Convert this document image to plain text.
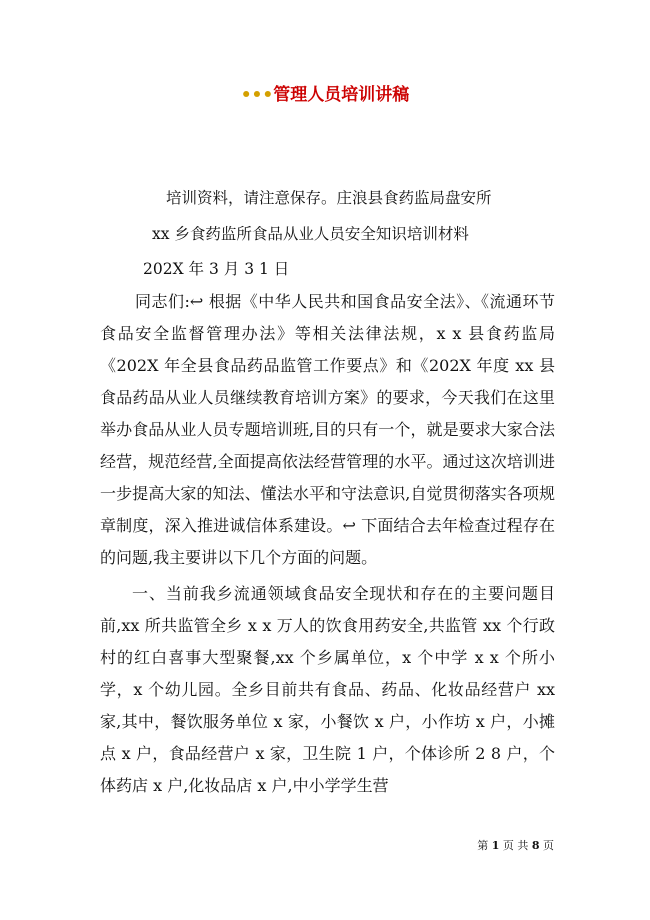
•••管理人员培训讲稿
培训资料，请注意保存。庄浪县食药监局盘安所
xx 乡食药监所食品从业人员安全知识培训材料
202X 年 3 月 3 1 日

同志们:↩ 根据《中华人民共和国食品安全法》、《流通环节食品安全监督管理办法》等相关法律法规，x x 县食药监局《202X 年全县食品药品监管工作要点》和《202X 年度 xx 县食品药品从业人员继续教育培训方案》的要求，今天我们在这里举办食品从业人员专题培训班,目的只有一个，就是要求大家合法经营，规范经营,全面提高依法经营管理的水平。通过这次培训进一步提高大家的知法、懂法水平和守法意识,自觉贯彻落实各项规章制度，深入推进诚信体系建设。↩ 下面结合去年检查过程存在的问题,我主要讲以下几个方面的问题。

一、当前我乡流通领域食品安全现状和存在的主要问题目前,xx 所共监管全乡 x x 万人的饮食用药安全,共监管 xx 个行政村的红白喜事大型聚餐,xx 个乡属单位，x 个中学 x x 个所小学，x 个幼儿园。全乡目前共有食品、药品、化妆品经营户 xx 家,其中，餐饮服务单位 x 家，小餐饮 x 户，小作坊 x 户，小摊点 x 户，食品经营户 x 家，卫生院 1 户，个体诊所 2 8 户，个体药店 x 户,化妆品店 x 户,中小学学生营

第 1 页 共 8 页
